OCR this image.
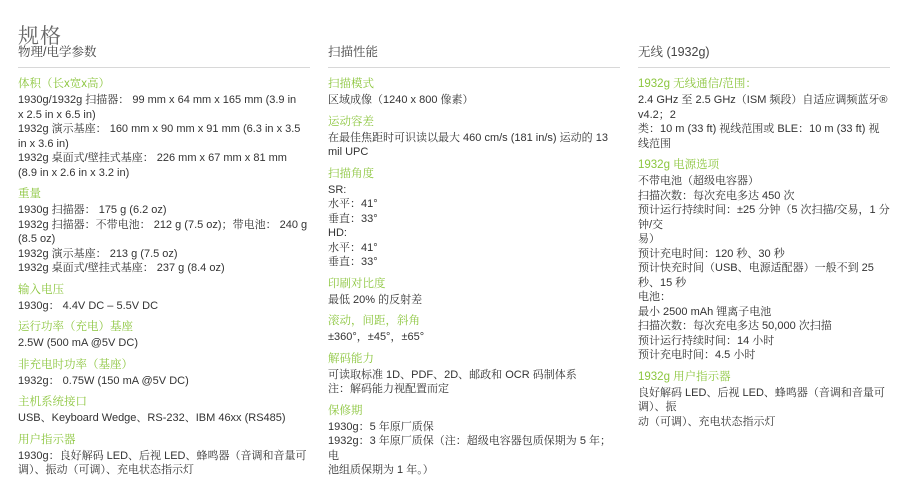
规格
物理/电学参数
体积（长x宽x高）
1930g/1932g 扫描器： 99 mm x 64 mm x 165 mm (3.9 in
x 2.5 in x 6.5 in)
1932g 演示基座： 160 mm x 90 mm x 91 mm (6.3 in x 3.5
in x 3.6 in)
1932g 桌面式/壁挂式基座： 226 mm x 67 mm x 81 mm
(8.9 in x 2.6 in x 3.2 in)
重量
1930g 扫描器： 175 g (6.2 oz)
1932g 扫描器：不带电池： 212 g (7.5 oz)；带电池： 240 g
(8.5 oz)
1932g 演示基座： 213 g (7.5 oz)
1932g 桌面式/壁挂式基座： 237 g (8.4 oz)
输入电压
1930g： 4.4V DC – 5.5V DC
运行功率（充电）基座
2.5W (500 mA @5V DC)
非充电时功率（基座）
1932g： 0.75W (150 mA @5V DC)
主机系统接口
USB、Keyboard Wedge、RS-232、IBM 46xx (RS485)
用户指示器
1930g：良好解码 LED、后视 LED、蜂鸣器（音调和音量可
调）、振动（可调）、充电状态指示灯
扫描性能
扫描模式
区域成像（1240 x 800 像素）
运动容差
在最佳焦距时可识读以最大 460 cm/s (181 in/s) 运动的 13
mil UPC
扫描角度
SR:
水平：41°
垂直：33°
HD:
水平：41°
垂直：33°
印刷对比度
最低 20% 的反射差
滚动，间距，斜角
±360°，±45°，±65°
解码能力
可读取标准 1D、PDF、2D、邮政和 OCR 码制体系
注：解码能力视配置而定
保修期
1930g：5 年原厂质保
1932g：3 年原厂质保（注：超级电容器包质保期为 5 年；电
池组质保期为 1 年。）
无线 (1932g)
1932g 无线通信/范围：
2.4 GHz 至 2.5 GHz（ISM 频段）自适应调频蓝牙® v4.2；2
类：10 m (33 ft) 视线范围或 BLE：10 m (33 ft) 视线范围
1932g 电源选项
不带电池（超级电容器）
扫描次数：每次充电多达 450 次
预计运行持续时间：±25 分钟（5 次扫描/交易，1 分钟/交
易）
预计充电时间：120 秒、30 秒
预计快充时间（USB、电源适配器）一般不到 25 秒、15 秒
电池：
最小 2500 mAh 锂离子电池
扫描次数：每次充电多达 50,000 次扫描
预计运行持续时间：14 小时
预计充电时间：4.5 小时
1932g 用户指示器
良好解码 LED、后视 LED、蜂鸣器（音调和音量可调）、振
动（可调）、充电状态指示灯
